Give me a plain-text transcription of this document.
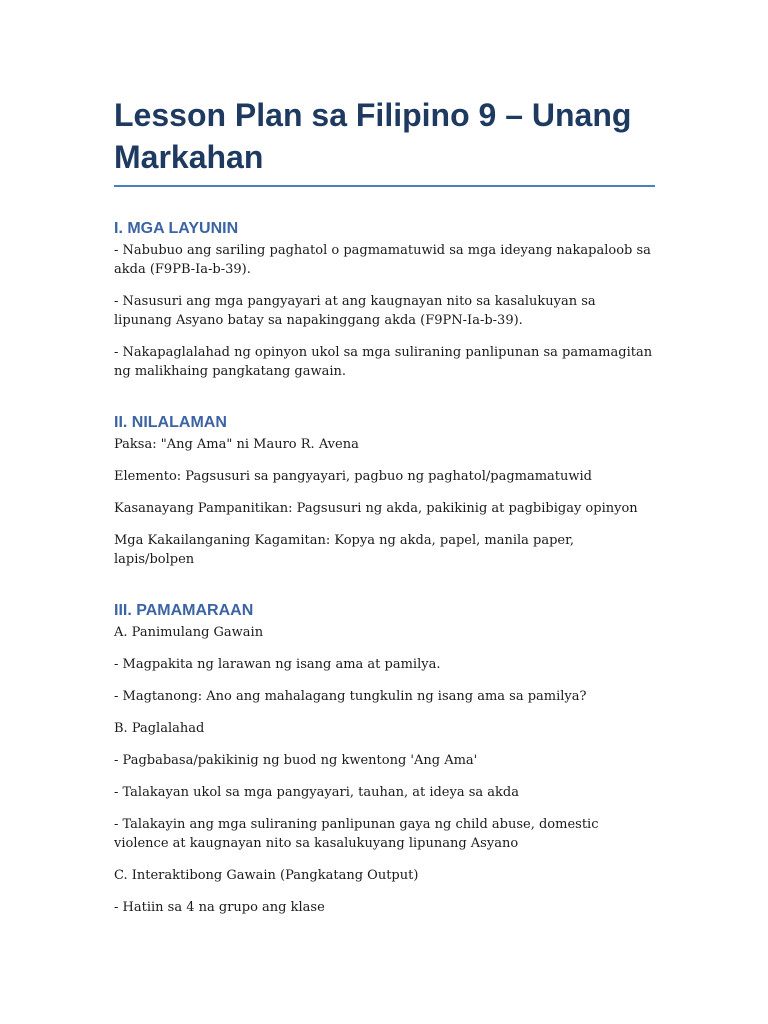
Lesson Plan sa Filipino 9 – Unang Markahan
I. MGA LAYUNIN

- Nabubuo ang sariling paghatol o pagmamatuwid sa mga ideyang nakapaloob sa akda (F9PB-Ia-b-39).

- Nasusuri ang mga pangyayari at ang kaugnayan nito sa kasalukuyan sa lipunang Asyano batay sa napakinggang akda (F9PN-Ia-b-39).

- Nakapaglalahad ng opinyon ukol sa mga suliraning panlipunan sa pamamagitan ng malikhaing pangkatang gawain.

II. NILALAMAN

Paksa: "Ang Ama" ni Mauro R. Avena

Elemento: Pagsusuri sa pangyayari, pagbuo ng paghatol/pagmamatuwid

Kasanayang Pampanitikan: Pagsusuri ng akda, pakikinig at pagbibigay opinyon

Mga Kakailanganing Kagamitan: Kopya ng akda, papel, manila paper, lapis/bolpen

III. PAMAMARAAN

A. Panimulang Gawain

- Magpakita ng larawan ng isang ama at pamilya.

- Magtanong: Ano ang mahalagang tungkulin ng isang ama sa pamilya?

B. Paglalahad

- Pagbabasa/pakikinig ng buod ng kwentong 'Ang Ama'

- Talakayan ukol sa mga pangyayari, tauhan, at ideya sa akda

- Talakayin ang mga suliraning panlipunan gaya ng child abuse, domestic violence at kaugnayan nito sa kasalukuyang lipunang Asyano

C. Interaktibong Gawain (Pangkatang Output)

- Hatiin sa 4 na grupo ang klase
